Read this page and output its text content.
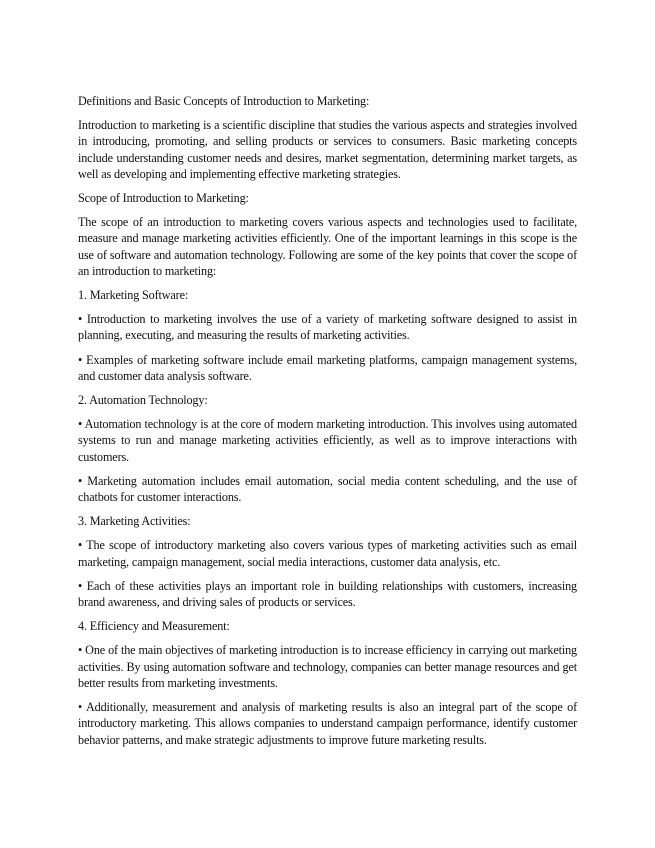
Definitions and Basic Concepts of Introduction to Marketing:

Introduction to marketing is a scientific discipline that studies the various aspects and strategies involved in introducing, promoting, and selling products or services to consumers. Basic marketing concepts include understanding customer needs and desires, market segmentation, determining market targets, as well as developing and implementing effective marketing strategies.

Scope of Introduction to Marketing:

The scope of an introduction to marketing covers various aspects and technologies used to facilitate, measure and manage marketing activities efficiently. One of the important learnings in this scope is the use of software and automation technology. Following are some of the key points that cover the scope of an introduction to marketing:

1. Marketing Software:

• Introduction to marketing involves the use of a variety of marketing software designed to assist in planning, executing, and measuring the results of marketing activities.

• Examples of marketing software include email marketing platforms, campaign management systems, and customer data analysis software.

2. Automation Technology:

• Automation technology is at the core of modern marketing introduction. This involves using automated systems to run and manage marketing activities efficiently, as well as to improve interactions with customers.

• Marketing automation includes email automation, social media content scheduling, and the use of chatbots for customer interactions.

3. Marketing Activities:

• The scope of introductory marketing also covers various types of marketing activities such as email marketing, campaign management, social media interactions, customer data analysis, etc.

• Each of these activities plays an important role in building relationships with customers, increasing brand awareness, and driving sales of products or services.

4. Efficiency and Measurement:

• One of the main objectives of marketing introduction is to increase efficiency in carrying out marketing activities. By using automation software and technology, companies can better manage resources and get better results from marketing investments.

• Additionally, measurement and analysis of marketing results is also an integral part of the scope of introductory marketing. This allows companies to understand campaign performance, identify customer behavior patterns, and make strategic adjustments to improve future marketing results.
